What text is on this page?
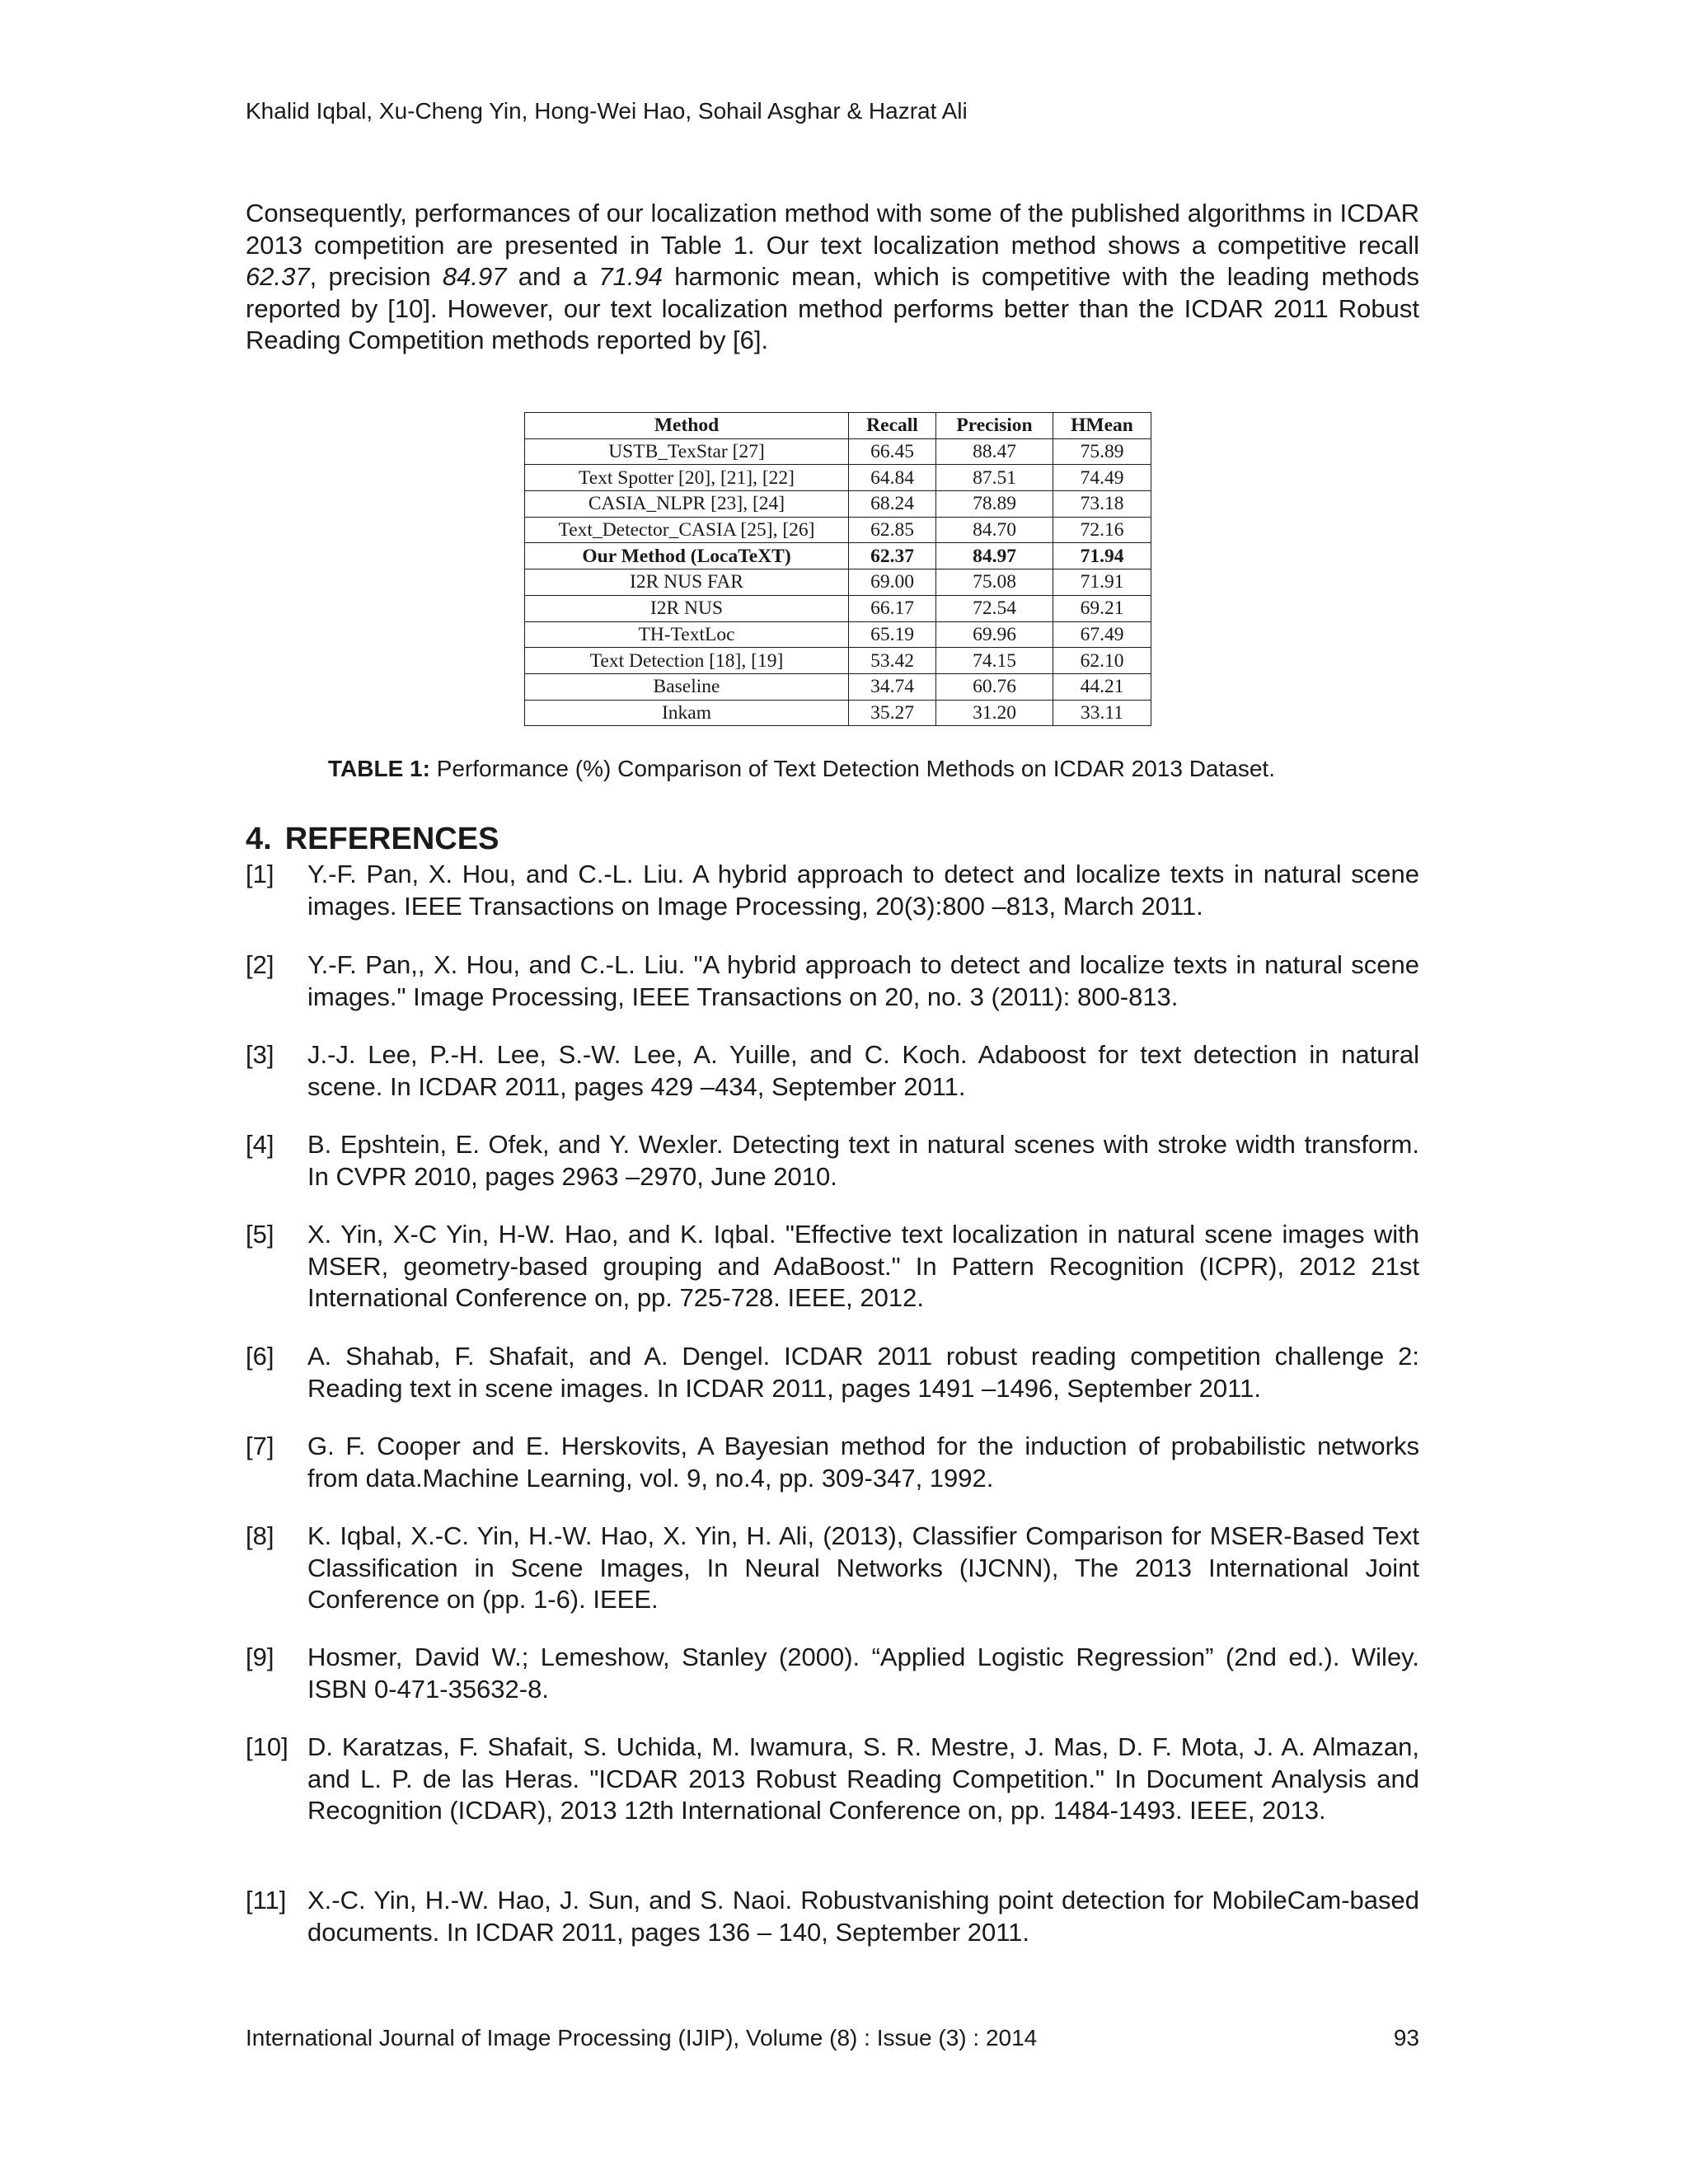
Khalid Iqbal, Xu-Cheng Yin, Hong-Wei Hao, Sohail Asghar & Hazrat Ali
Consequently, performances of our localization method with some of the published algorithms in ICDAR 2013 competition are presented in Table 1. Our text localization method shows a competitive recall 62.37, precision 84.97 and a 71.94 harmonic mean, which is competitive with the leading methods reported by [10]. However, our text localization method performs better than the ICDAR 2011 Robust Reading Competition methods reported by [6].
Method	Recall	Precision	HMean
USTB_TexStar [27]	66.45	88.47	75.89
Text Spotter [20], [21], [22]	64.84	87.51	74.49
CASIA_NLPR [23], [24]	68.24	78.89	73.18
Text_Detector_CASIA [25], [26]	62.85	84.70	72.16
Our Method (LocaTeXT)	62.37	84.97	71.94
I2R NUS FAR	69.00	75.08	71.91
I2R NUS	66.17	72.54	69.21
TH-TextLoc	65.19	69.96	67.49
Text Detection [18], [19]	53.42	74.15	62.10
Baseline	34.74	60.76	44.21
Inkam	35.27	31.20	33.11
TABLE 1: Performance (%) Comparison of Text Detection Methods on ICDAR 2013 Dataset.
4. REFERENCES
[1]	Y.-F. Pan, X. Hou, and C.-L. Liu. A hybrid approach to detect and localize texts in natural scene images. IEEE Transactions on Image Processing, 20(3):800 –813, March 2011.
[2]	Y.-F. Pan,, X. Hou, and C.-L. Liu. "A hybrid approach to detect and localize texts in natural scene images." Image Processing, IEEE Transactions on 20, no. 3 (2011): 800-813.
[3]	J.-J. Lee, P.-H. Lee, S.-W. Lee, A. Yuille, and C. Koch. Adaboost for text detection in natural scene. In ICDAR 2011, pages 429 –434, September 2011.
[4]	B. Epshtein, E. Ofek, and Y. Wexler. Detecting text in natural scenes with stroke width transform. In CVPR 2010, pages 2963 –2970, June 2010.
[5]	X. Yin, X-C Yin, H-W. Hao, and K. Iqbal. "Effective text localization in natural scene images with MSER, geometry-based grouping and AdaBoost." In Pattern Recognition (ICPR), 2012 21st International Conference on, pp. 725-728. IEEE, 2012.
[6]	A. Shahab, F. Shafait, and A. Dengel. ICDAR 2011 robust reading competition challenge 2: Reading text in scene images. In ICDAR 2011, pages 1491 –1496, September 2011.
[7]	G. F. Cooper and E. Herskovits, A Bayesian method for the induction of probabilistic networks from data.Machine Learning, vol. 9, no.4, pp. 309-347, 1992.
[8]	K. Iqbal, X.-C. Yin, H.-W. Hao, X. Yin, H. Ali, (2013), Classifier Comparison for MSER-Based Text Classification in Scene Images, In Neural Networks (IJCNN), The 2013 International Joint Conference on (pp. 1-6). IEEE.
[9]	Hosmer, David W.; Lemeshow, Stanley (2000). “Applied Logistic Regression” (2nd ed.). Wiley. ISBN 0-471-35632-8.
[10] D. Karatzas, F. Shafait, S. Uchida, M. Iwamura, S. R. Mestre, J. Mas, D. F. Mota, J. A. Almazan, and L. P. de las Heras. "ICDAR 2013 Robust Reading Competition." In Document Analysis and Recognition (ICDAR), 2013 12th International Conference on, pp. 1484-1493. IEEE, 2013.
[11] X.-C. Yin, H.-W. Hao, J. Sun, and S. Naoi. Robustvanishing point detection for MobileCam-based documents. In ICDAR 2011, pages 136 – 140, September 2011.
International Journal of Image Processing (IJIP), Volume (8) : Issue (3) : 2014	93
